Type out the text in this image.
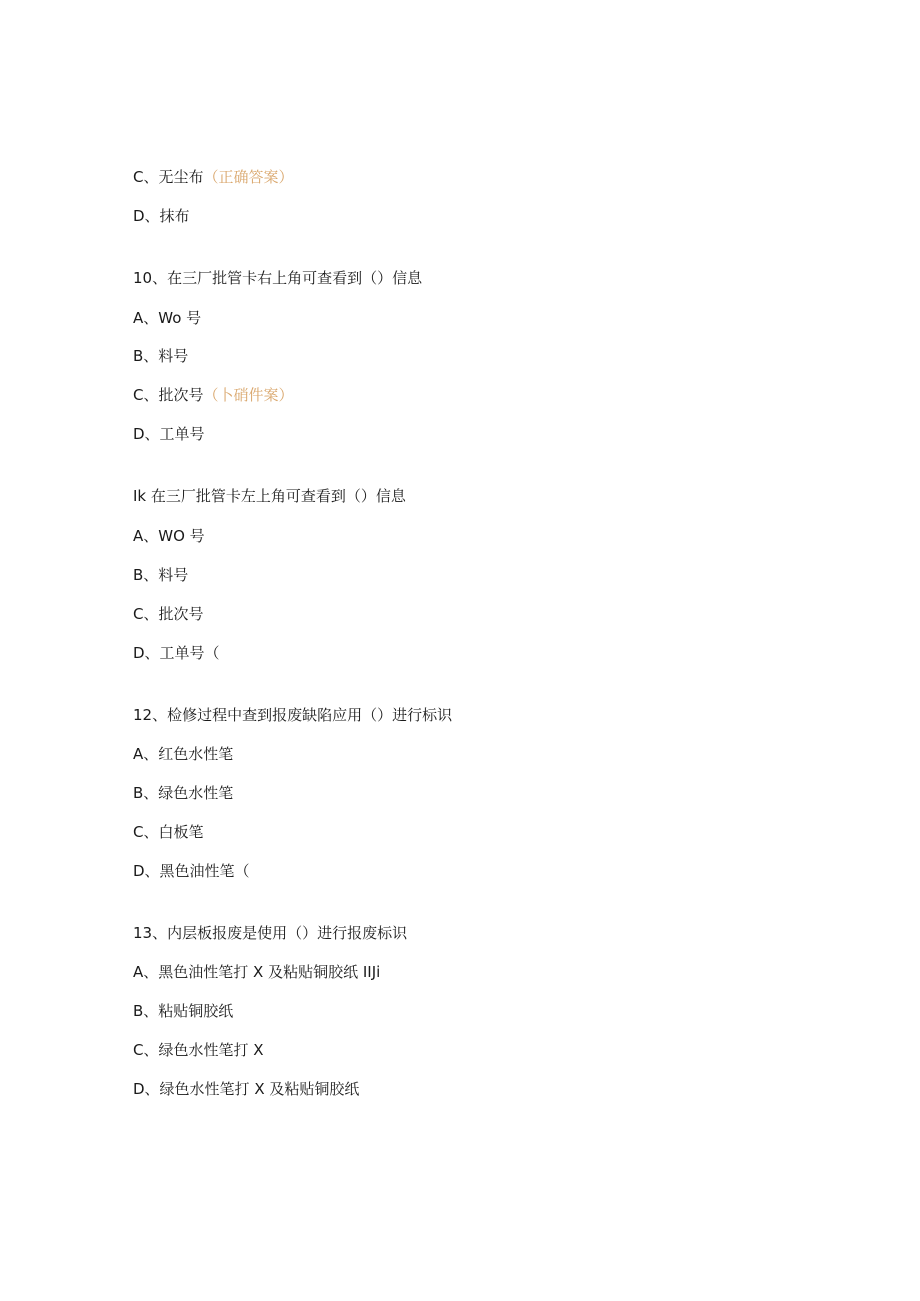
C、无尘布（正确答案）
D、抹布
10、在三厂批管卡右上角可查看到（）信息
A、Wo 号
B、料号
C、批次号（卜硝件案）
D、工单号
Ik 在三厂批管卡左上角可查看到（）信息
A、WO 号
B、料号
C、批次号
D、工单号（
12、检修过程中查到报废缺陷应用（）进行标识
A、红色水性笔
B、绿色水性笔
C、白板笔
D、黑色油性笔（
13、内层板报废是使用（）进行报废标识
A、黑色油性笔打 X 及粘贴铜胶纸 IIJi
B、粘贴铜胶纸
C、绿色水性笔打 X
D、绿色水性笔打 X 及粘贴铜胶纸
